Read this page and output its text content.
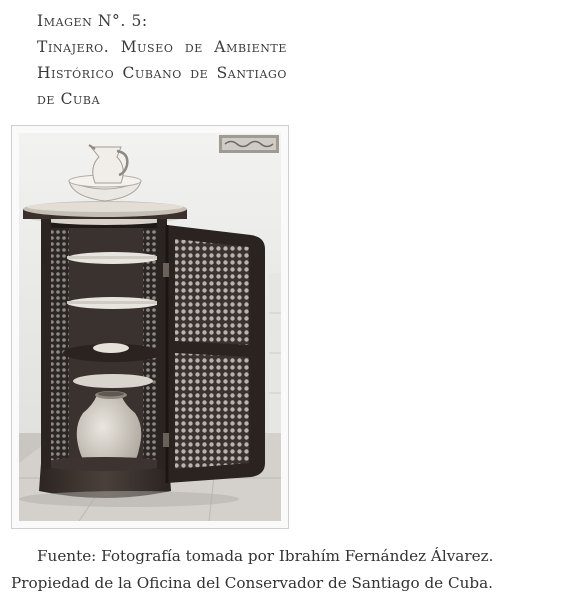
Imagen N°. 5:
Tinajero. Museo de Ambiente
Histórico Cubano de Santiago
de Cuba

Fuente: Fotografía tomada por Ibrahím Fernández Álvarez. Propiedad de la Oficina del Conservador de Santiago de Cuba.
